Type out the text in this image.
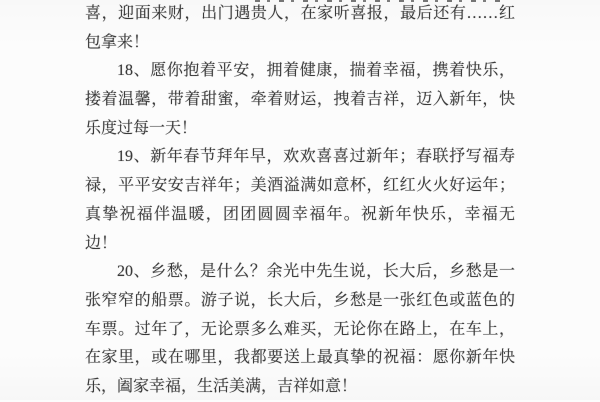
喜，迎面来财，出门遇贵人，在家听喜报，最后还有……红
包拿来！
18、愿你抱着平安，拥着健康，揣着幸福，携着快乐，
搂着温馨，带着甜蜜，牵着财运，拽着吉祥，迈入新年，快
乐度过每一天！
19、新年春节拜年早，欢欢喜喜过新年；春联抒写福寿
禄，平平安安吉祥年；美酒溢满如意杯，红红火火好运年；
真挚祝福伴温暖，团团圆圆幸福年。祝新年快乐，幸福无
边！
20、乡愁，是什么？余光中先生说，长大后，乡愁是一
张窄窄的船票。游子说，长大后，乡愁是一张红色或蓝色的
车票。过年了，无论票多么难买，无论你在路上，在车上，
在家里，或在哪里，我都要送上最真挚的祝福：愿你新年快
乐，阖家幸福，生活美满，吉祥如意！
